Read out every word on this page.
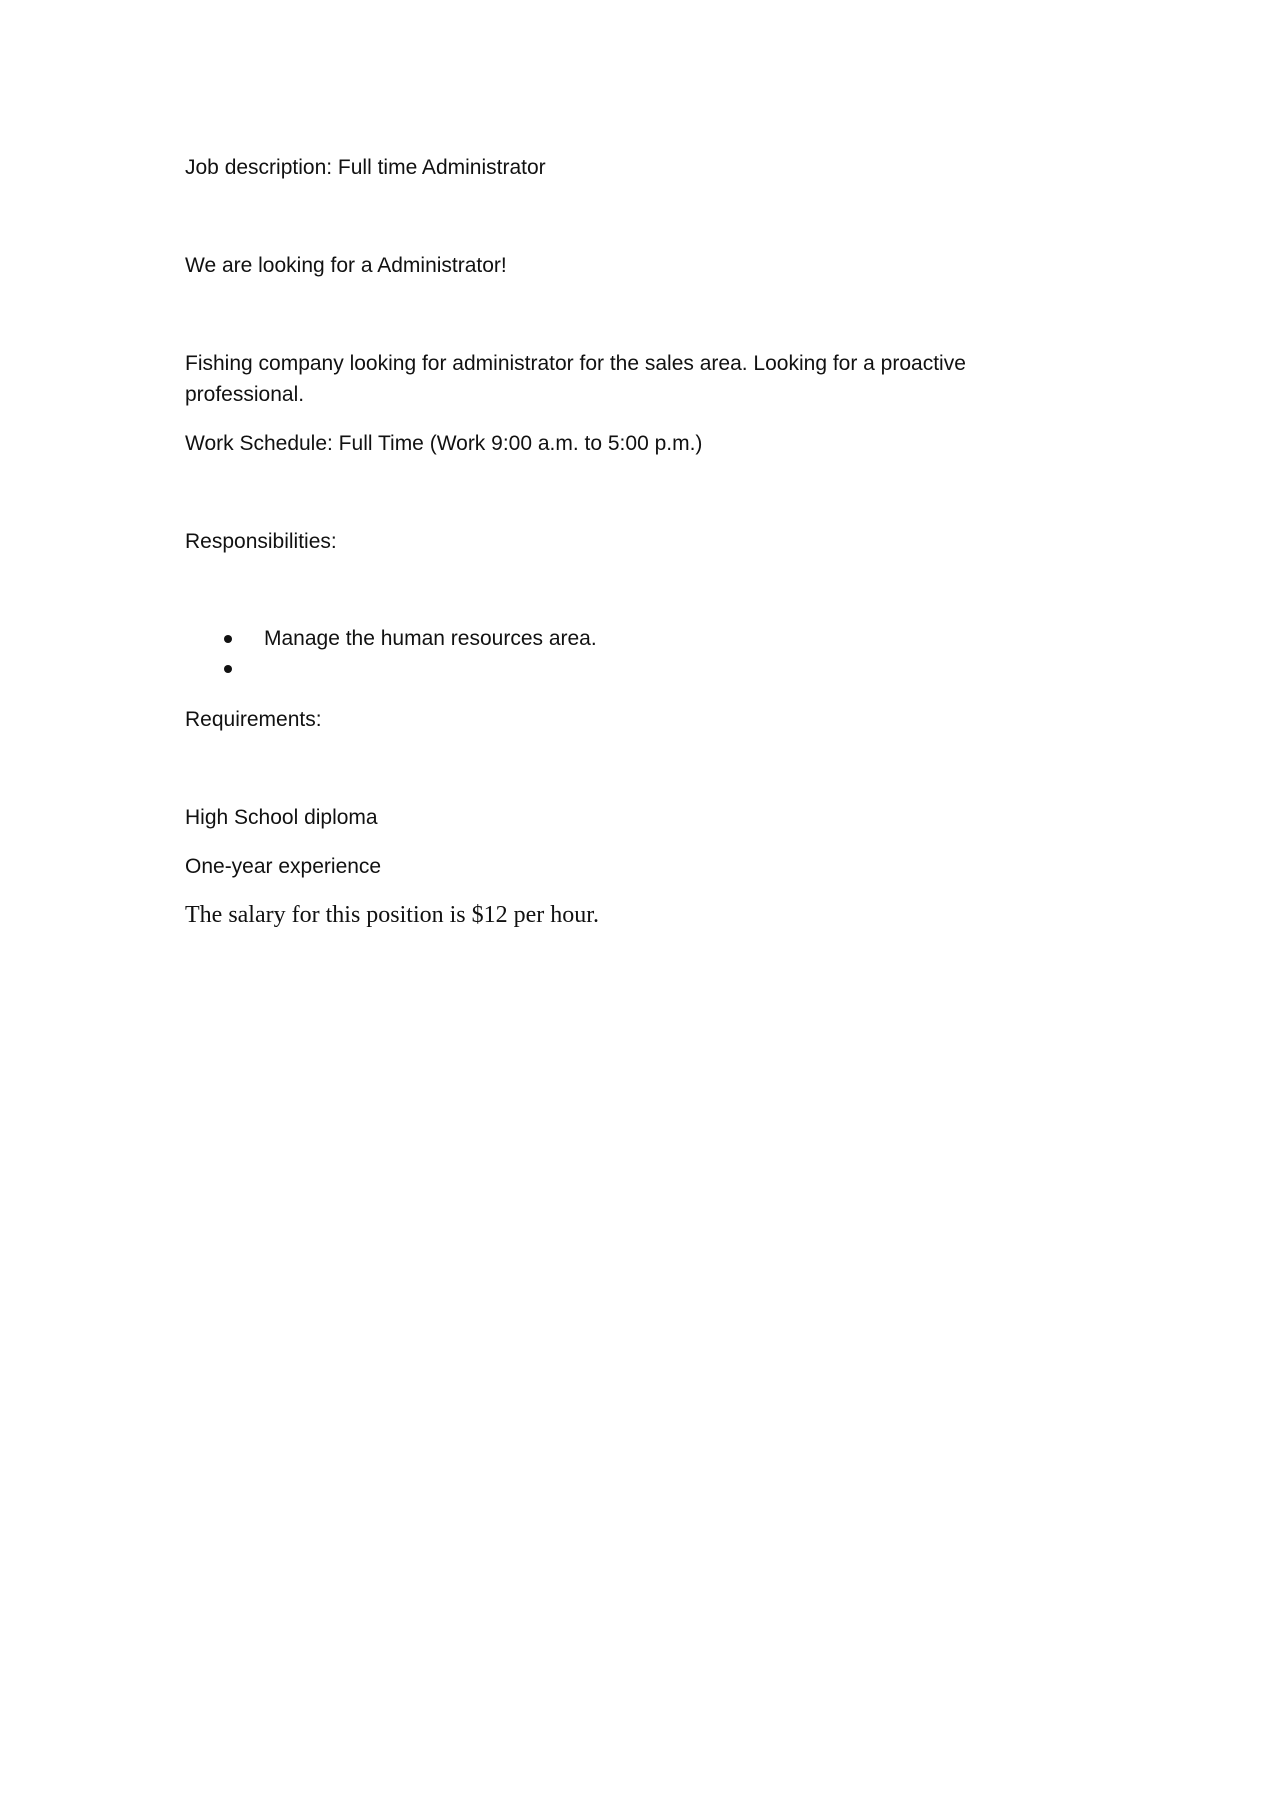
Job description: Full time Administrator
We are looking for a Administrator!
Fishing company looking for administrator for the sales area. Looking for a proactive professional.
Work Schedule: Full Time (Work 9:00 a.m. to 5:00 p.m.)
Responsibilities:
Manage the human resources area.
Requirements:
High School diploma
One-year experience
The salary for this position is $12 per hour.
